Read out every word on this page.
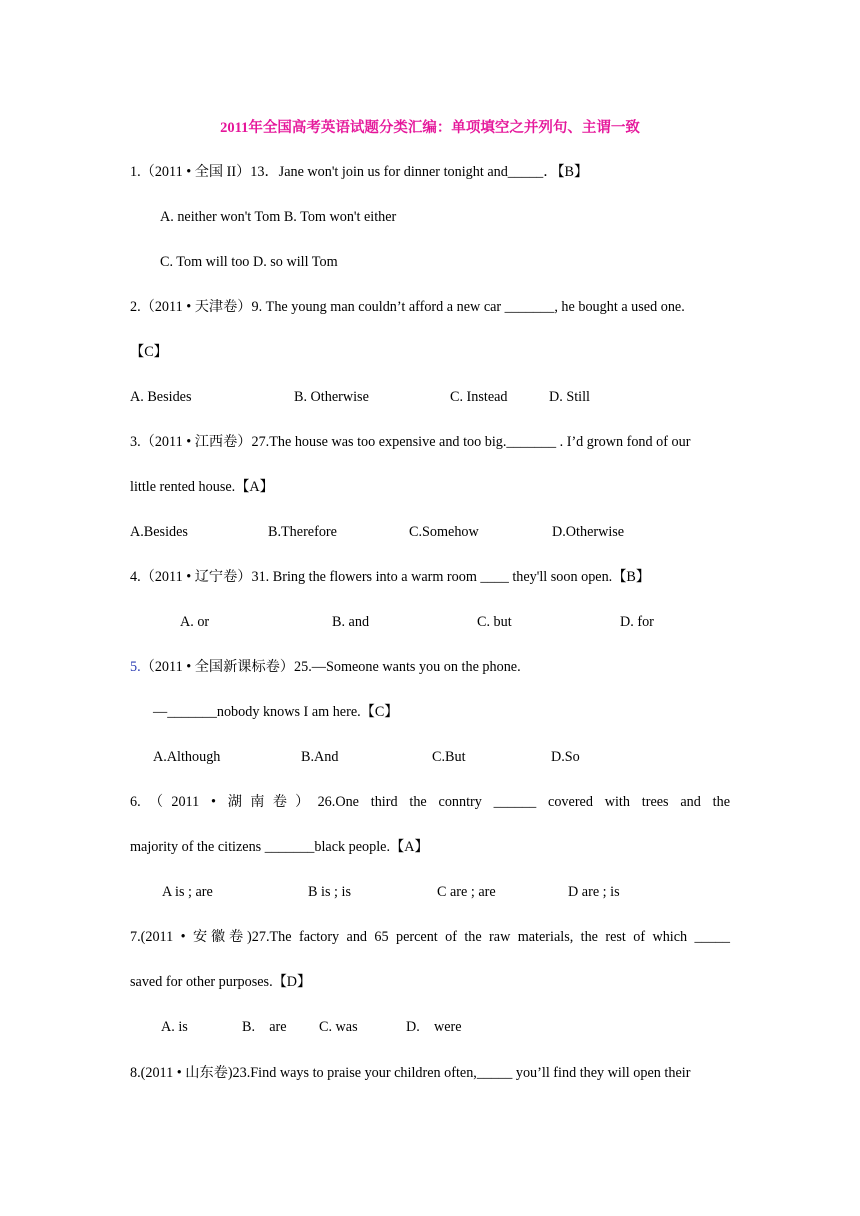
2011年全国高考英语试题分类汇编：单项填空之并列句、主谓一致
1.（2011 • 全国 II）13．Jane won't join us for dinner tonight and_____．【B】
A. neither won't Tom B. Tom won't either
C. Tom will too D. so will Tom
2.（2011 • 天津卷）9. The young man couldn’t afford a new car _______, he bought a used one.
【C】
A. Besides	B. Otherwise	C. Instead	D. Still
3.（2011 • 江西卷）27.The house was too expensive and too big._______ . I’d grown fond of our
little rented house.【A】
A.Besides	B.Therefore	C.Somehow	D.Otherwise
4.（2011 • 辽宁卷）31. Bring the flowers into a warm room ____ they'll soon open.【B】
A. or	B. and	C. but	D. for
5.（2011 • 全国新课标卷）25.—Someone wants you on the phone.
—_______nobody knows I am here.【C】
A.Although	B.And	C.But	D.So
6.（2011 • 湖南卷）26.One third the conntry ______ covered with trees and the
majority of the citizens _______black people.【A】
A is ; are	B is ; is	C are ; are	D are ; is
7.(2011 • 安徽卷)27.The factory and 65 percent of the raw materials, the rest of which _____
saved for other purposes.【D】
A. is	B.    are C. was	D.    were
8.(2011 • 山东卷)23.Find ways to praise your children often,_____ you’ll find they will open their
